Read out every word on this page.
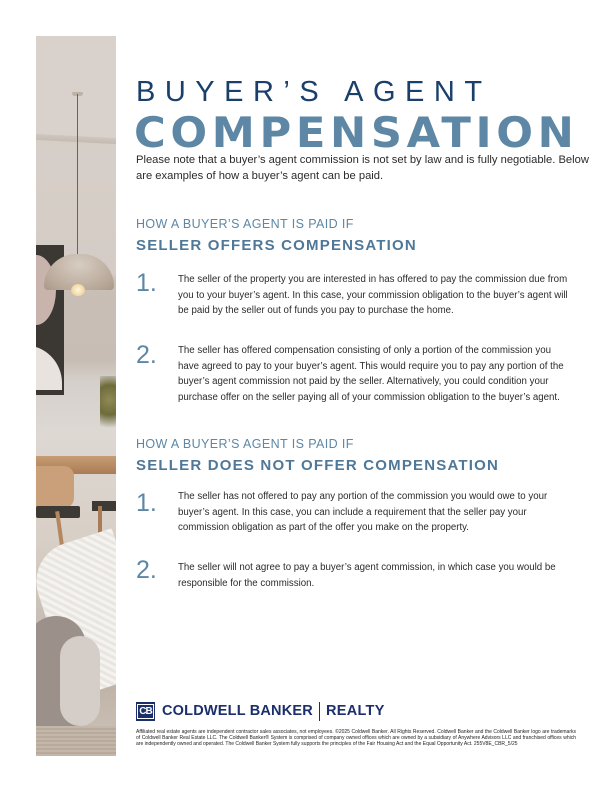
BUYER’S AGENT
COMPENSATION
Please note that a buyer’s agent commission is not set by law and is fully negotiable. Below are examples of how a buyer’s agent can be paid.
HOW A BUYER’S AGENT IS PAID IF
SELLER OFFERS COMPENSATION
1. The seller of the property you are interested in has offered to pay the commission due from you to your buyer’s agent. In this case, your commission obligation to the buyer’s agent will be paid by the seller out of funds you pay to purchase the home.
2. The seller has offered compensation consisting of only a portion of the commission you have agreed to pay to your buyer’s agent. This would require you to pay any portion of the buyer’s agent commission not paid by the seller. Alternatively, you could condition your purchase offer on the seller paying all of your commission obligation to the buyer’s agent.
HOW A BUYER’S AGENT IS PAID IF
SELLER DOES NOT OFFER COMPENSATION
1. The seller has not offered to pay any portion of the commission you would owe to your buyer’s agent. In this case, you can include a requirement that the seller pay your commission obligation as part of the offer you make on the property.
2. The seller will not agree to pay a buyer’s agent commission, in which case you would be responsible for the commission.
CB COLDWELL BANKER REALTY
Affiliated real estate agents are independent contractor sales associates, not employees. ©2025 Coldwell Banker. All Rights Reserved. Coldwell Banker and the Coldwell Banker logo are trademarks of Coldwell Banker Real Estate LLC. The Coldwell Banker® System is comprised of company owned offices which are owned by a subsidiary of Anywhere Advisors LLC and franchised offices which are independently owned and operated. The Coldwell Banker System fully supports the principles of the Fair Housing Act and the Equal Opportunity Act. 255V8E_CBR_5/25
